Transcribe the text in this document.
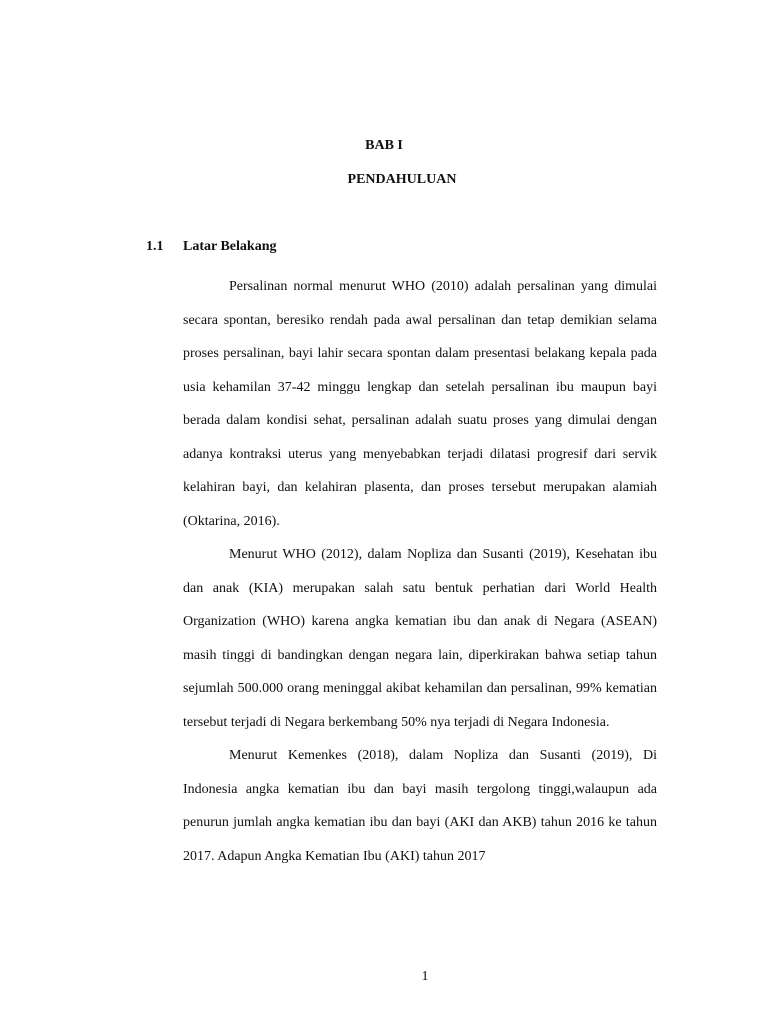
BAB I
PENDAHULUAN
1.1 Latar Belakang

Persalinan normal menurut WHO (2010) adalah persalinan yang dimulai secara spontan, beresiko rendah pada awal persalinan dan tetap demikian selama proses persalinan, bayi lahir secara spontan dalam presentasi belakang kepala pada usia kehamilan 37-42 minggu lengkap dan setelah persalinan ibu maupun bayi berada dalam kondisi sehat, persalinan adalah suatu proses yang dimulai dengan adanya kontraksi uterus yang menyebabkan terjadi dilatasi progresif dari servik kelahiran bayi, dan kelahiran plasenta, dan proses tersebut merupakan alamiah (Oktarina, 2016).

Menurut WHO (2012), dalam Nopliza dan Susanti (2019), Kesehatan ibu dan anak (KIA) merupakan salah satu bentuk perhatian dari World Health Organization (WHO) karena angka kematian ibu dan anak di Negara (ASEAN) masih tinggi di bandingkan dengan negara lain, diperkirakan bahwa setiap tahun sejumlah 500.000 orang meninggal akibat kehamilan dan persalinan, 99% kematian tersebut terjadi di Negara berkembang 50% nya terjadi di Negara Indonesia.

Menurut Kemenkes (2018), dalam Nopliza dan Susanti (2019), Di Indonesia angka kematian ibu dan bayi masih tergolong tinggi,walaupun ada penurun jumlah angka kematian ibu dan bayi (AKI dan AKB) tahun 2016 ke tahun 2017. Adapun Angka Kematian Ibu (AKI) tahun 2017

1
